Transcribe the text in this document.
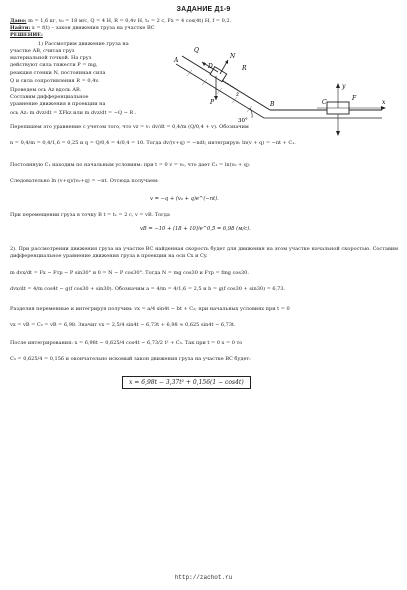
ЗАДАНИЕ Д1-9
Дано: m = 1,6 кг, v₀ = 18 м/с, Q = 4 Н, R = 0,4v Н, t₁ = 2 с, Fx = 4 cos(4t) Н, f = 0,2.
Найти: x = f(t) – закон движения груза на участке ВС
РЕШЕНИЕ:
1) Рассмотрим движение груза на
участке АВ, считая груз
материальной точкой. На груз
действуют сила тяжести P = mg,
реакция стенки N, постоянная сила
Q и сила сопротивления R = 0,4v.
Проведем ось Az вдоль АВ.
Составим дифференциальное
уравнение движения в проекции на
ось Az: m dvz/dt = ΣFkz или m dvz/dt = −Q − R .
Q
D
N
R
A
B	C
P
30°
z
x
y
F
Перепишем это уравнение с учетом того, что vz = v: dv/dt = 0,4/m (Q/0,4 + v). Обозначим
n = 0,4/m = 0,4/1,6 = 0,25 и q = Q/0,4 = 4/0,4 = 10. Тогда dv/(v+q) = −ndt; интегрируя: ln(v + q) = −nt + C₁.
Постоянную C₁ находим по начальным условиям: при t = 0 v = v₀, что дает C₁ = ln(v₀ + q).
Следовательно ln (v+q)/(v₀+q) = −nt. Отсюда получаем:
v = −q + (v₀ + q)e^(−nt).
При перемещении груза в точку В t = t₁ = 2 с, v = vB. Тогда
vB = −10 + (18 + 10)/e^0,5 = 6,98 (м/с).
2). При рассмотрении движения груза на участке ВС найденная скорость будет для движения на этом участке начальной скоростью. Составим дифференциальное уравнение движения груза в проекции на оси Cx и Cy.
m dvx/dt = Fx − Fтр − P sin30° и 0 = N − P cos30°. Тогда N = mg cos30 и Fтр = fmg cos30.
dvx/dt = 4/m cos4t − g(f cos30 + sin30). Обозначим a = 4/m = 4/1,6 = 2,5 и b = g(f cos30 + sin30) = 6,73.
Разделяя переменные и интегрируя получим: vx = a/4 sin4t − bt + C₂; при начальных условиях при t = 0
vx = vB = C₂ = vB = 6,98. Значит vx = 2,5/4 sin4t − 6,73t + 6,98 ≈ 0,625 sin4t − 6,73t.
После интегрирования: x = 6,98t − 0,625/4 cos4t − 6,73/2 t² + C₃. Так при t = 0 x = 0 то
C₃ = 0,625/4 = 0,156 и окончательно искомый закон движения груза на участке ВС будет:
x = 6,98t − 3,37t² + 0,156(1 − cos4t)
http://zachot.ru
